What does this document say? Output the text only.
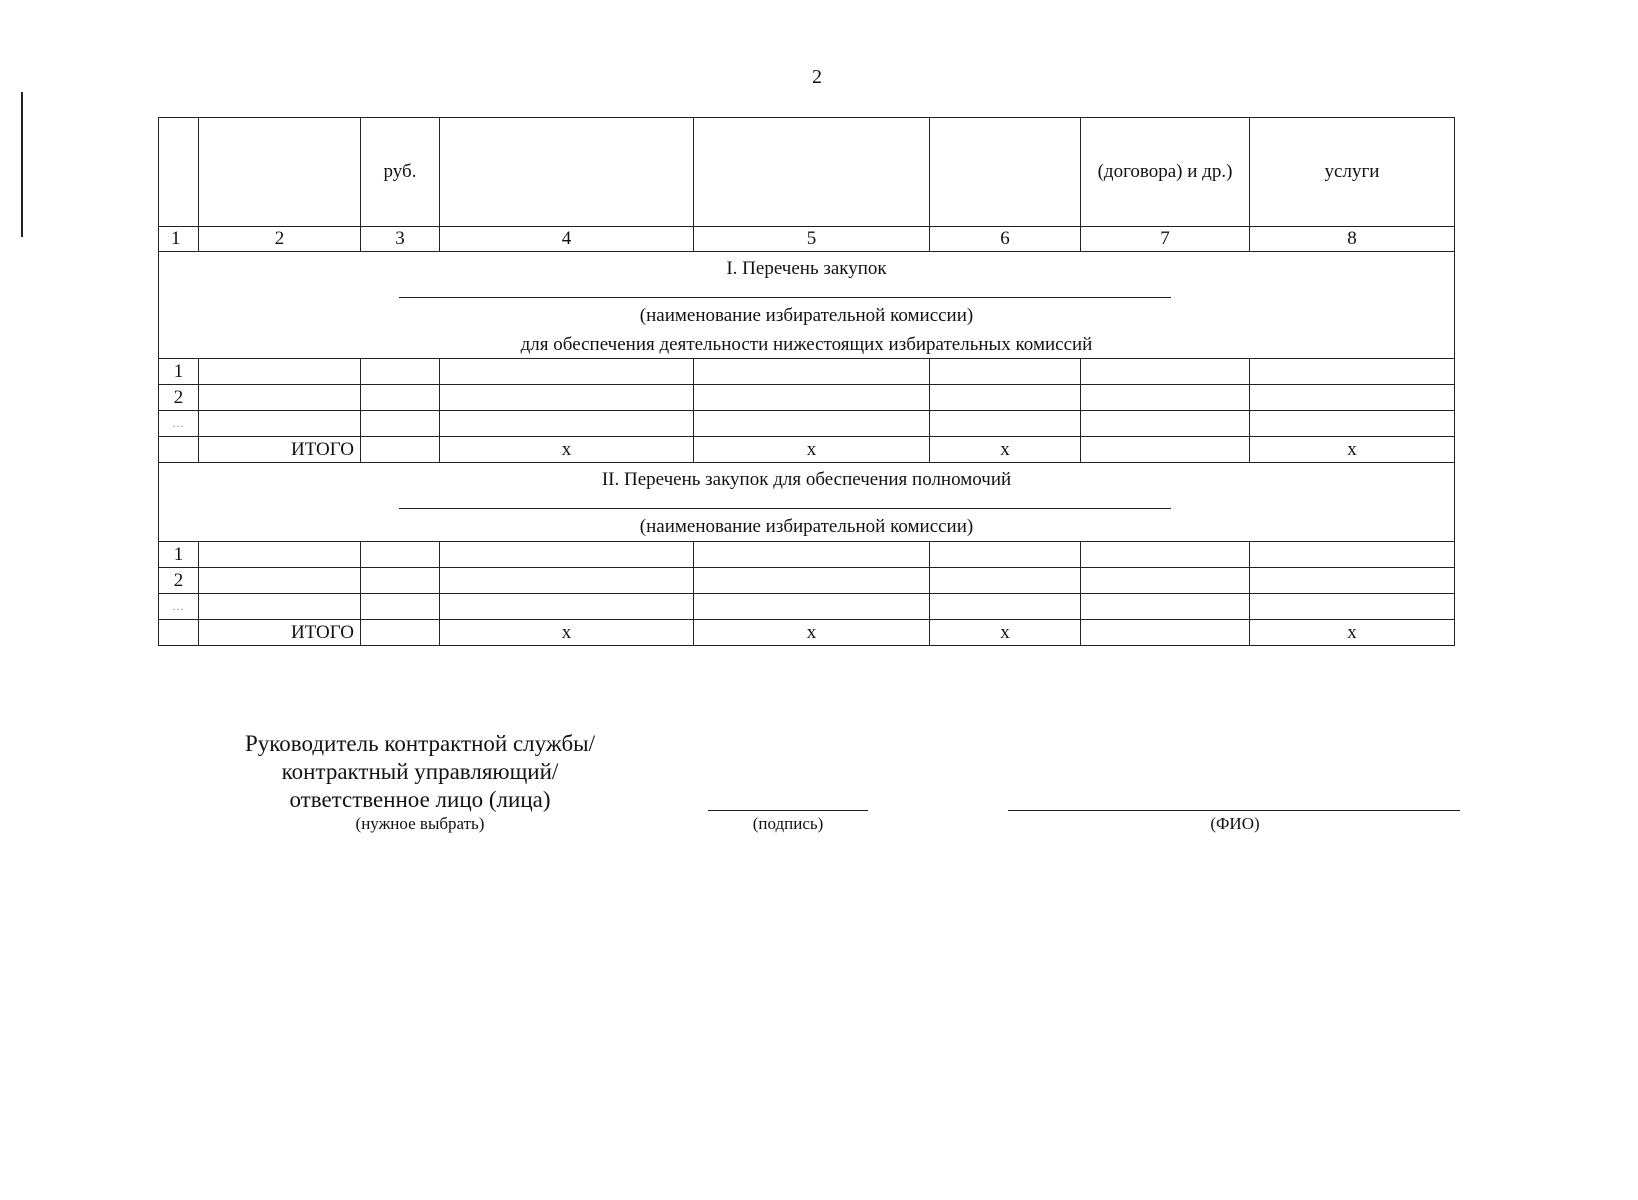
2
		руб.				(договора) и др.)	услуги
1	2	3	4	5	6	7	8

I. Перечень закупок
(наименование избирательной комиссии)
для обеспечения деятельности нижестоящих избирательных комиссий							

1							
2							
…							
	ИТОГО		x	x	x		x

II. Перечень закупок для обеспечения полномочий
(наименование избирательной комиссии)							

1							
2							
…							
	ИТОГО		x	x	x		x
Руководитель контрактной службы/
контрактный управляющий/
ответственное лицо (лица)
(нужное выбрать)	(подпись)	(ФИО)
